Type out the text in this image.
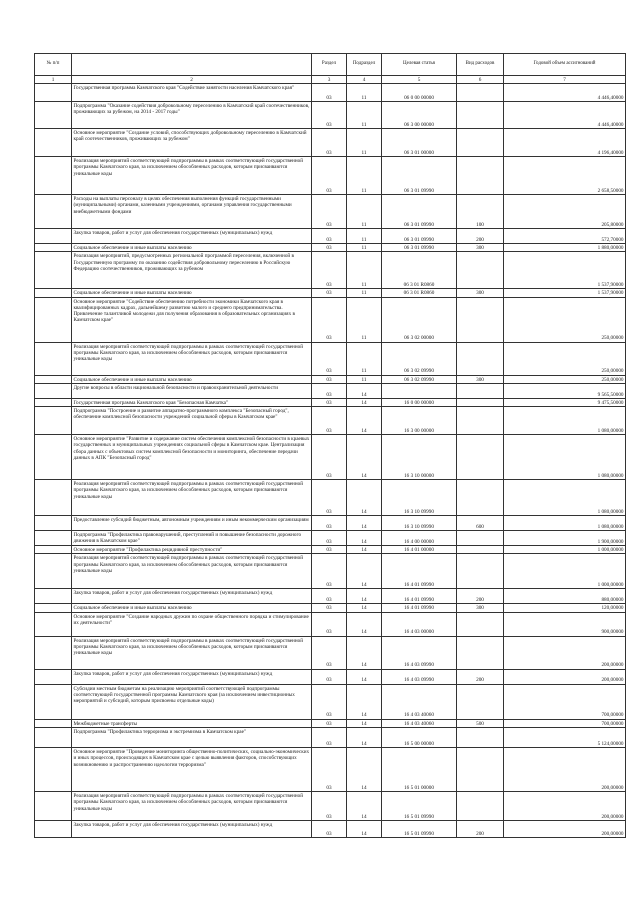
№ п/п		Раздел	Подраздел	Целевая статья	Вид расходов	Годовой объем ассигнований
1	2	3	4	5	6	7
	Государственная программа Камчатского края "Содействие занятости населения Камчатского края"	03	11	06 0 00 00000		4 446,40000
	Подпрограмма "Оказание содействия добровольному переселению в Камчатский край соотечественников, проживающих за рубежом, на 2014 - 2017 годы"	03	11	06 3 00 00000		4 446,40000
	Основное мероприятие "Создание условий, способствующих добровольному переселению в Камчатский край соотечественников, проживающих за рубежом"	03	11	06 3 01 00000		4 196,40000
	Реализация мероприятий соответствующей подпрограммы в рамках соответствующей государственной программы Камчатского края, за исключением обособленных расходов, которым присваиваются уникальные коды	03	11	06 3 01 09990		2 658,50000
	Расходы на выплаты персоналу в целях обеспечения выполнения функций государственными (муниципальными) органами, казенными учреждениями, органами управления государственными внебюджетными фондами	03	11	06 3 01 09990	100	205,80000
	Закупка товаров, работ и услуг для обеспечения государственных (муниципальных) нужд	03	11	06 3 01 09990	200	572,70000
	Социальное обеспечение и иные выплаты населению	03	11	06 3 01 09990	300	1 880,00000
	Реализация мероприятий, предусмотренных региональной программой переселения, включенной в Государственную программу по оказанию содействия добровольному переселению в Российскую Федерацию соотечественников, проживающих за рубежом	03	11	06 3 01 R0860		1 537,90000
	Социальное обеспечение и иные выплаты населению	03	11	06 3 01 R0860	300	1 537,90000
	Основное мероприятие "Содействие обеспечению потребности экономики Камчатского края в квалифицированных кадрах, дальнейшему развитию малого и среднего предпринимательства. Привлечение талантливой молодежи для получения образования в образовательных организациях в Камчатском крае"	03	11	06 3 02 00000		250,00000
	Реализация мероприятий соответствующей подпрограммы в рамках соответствующей государственной программы Камчатского края, за исключением обособленных расходов, которым присваиваются уникальные коды	03	11	06 3 02 09990		250,00000
	Социальное обеспечение и иные выплаты населению	03	11	06 3 02 09990	300	250,00000
	Другие вопросы в области национальной безопасности и правоохранительной деятельности	03	14			9 565,50000
	Государственная программа Камчатского края "Безопасная Камчатка"	03	14	16 0 00 00000		9 475,50000
	Подпрограмма "Построение и развитие аппаратно-программного комплекса "Безопасный город", обеспечение комплексной безопасности учреждений социальной сферы в Камчатском крае"	03	14	16 3 00 00000		1 080,00000
	Основное мероприятие "Развитие и содержание систем обеспечения комплексной безопасности в краевых государственных и муниципальных учреждениях социальной сферы в Камчатском крае. Централизация сбора данных с объектовых систем комплексной безопасности и мониторинга, обеспечение передачи данных в АПК "Безопасный город"	03	14	16 3 10 00000		1 080,00000
	Реализация мероприятий соответствующей подпрограммы в рамках соответствующей государственной программы Камчатского края, за исключением обособленных расходов, которым присваиваются уникальные коды	03	14	16 3 10 09990		1 080,00000
	Предоставление субсидий бюджетным, автономным учреждениям и иным некоммерческим организациям	03	14	16 3 10 09990	600	1 080,00000
	Подпрограмма "Профилактика правонарушений, преступлений и повышение безопасности дорожного движения в Камчатском крае"	03	14	16 4 00 00000		1 900,00000
	Основное мероприятие "Профилактика рецидивной преступности"	03	14	16 4 01 00000		1 000,00000
	Реализация мероприятий соответствующей подпрограммы в рамках соответствующей государственной программы Камчатского края, за исключением обособленных расходов, которым присваиваются уникальные коды	03	14	16 4 01 09990		1 000,00000
	Закупка товаров, работ и услуг для обеспечения государственных (муниципальных) нужд	03	14	16 4 01 09990	200	880,00000
	Социальное обеспечение и иные выплаты населению	03	14	16 4 01 09990	300	120,00000
	Основное мероприятие "Создание народных дружин по охране общественного порядка и стимулирование их деятельности"	03	14	16 4 03 00000		900,00000
	Реализация мероприятий соответствующей подпрограммы в рамках соответствующей государственной программы Камчатского края, за исключением обособленных расходов, которым присваиваются уникальные коды	03	14	16 4 03 09990		200,00000
	Закупка товаров, работ и услуг для обеспечения государственных (муниципальных) нужд	03	14	16 4 03 09990	200	200,00000
	Субсидии местным бюджетам на реализацию мероприятий соответствующей подпрограммы соответствующей государственной программы Камчатского края (за исключением инвестиционных мероприятий и субсидий, которым присвоены отдельные коды)	03	14	16 4 03 40060		700,00000
	Межбюджетные трансферты	03	14	16 4 03 40060	500	700,00000
	Подпрограмма "Профилактика терроризма и экстремизма в Камчатском крае"	03	14	16 5 00 00000		5 124,00000
	Основное мероприятие "Проведение мониторинга общественно-политических, социально-экономических и иных процессов, происходящих в Камчатском крае с целью выявления факторов, способствующих возникновению и распространению идеологии терроризма"	03	14	16 5 01 00000		200,00000
	Реализация мероприятий соответствующей подпрограммы в рамках соответствующей государственной программы Камчатского края, за исключением обособленных расходов, которым присваиваются уникальные коды	03	14	16 5 01 09990		200,00000
	Закупка товаров, работ и услуг для обеспечения государственных (муниципальных) нужд	03	14	16 5 01 09990	200	200,00000
